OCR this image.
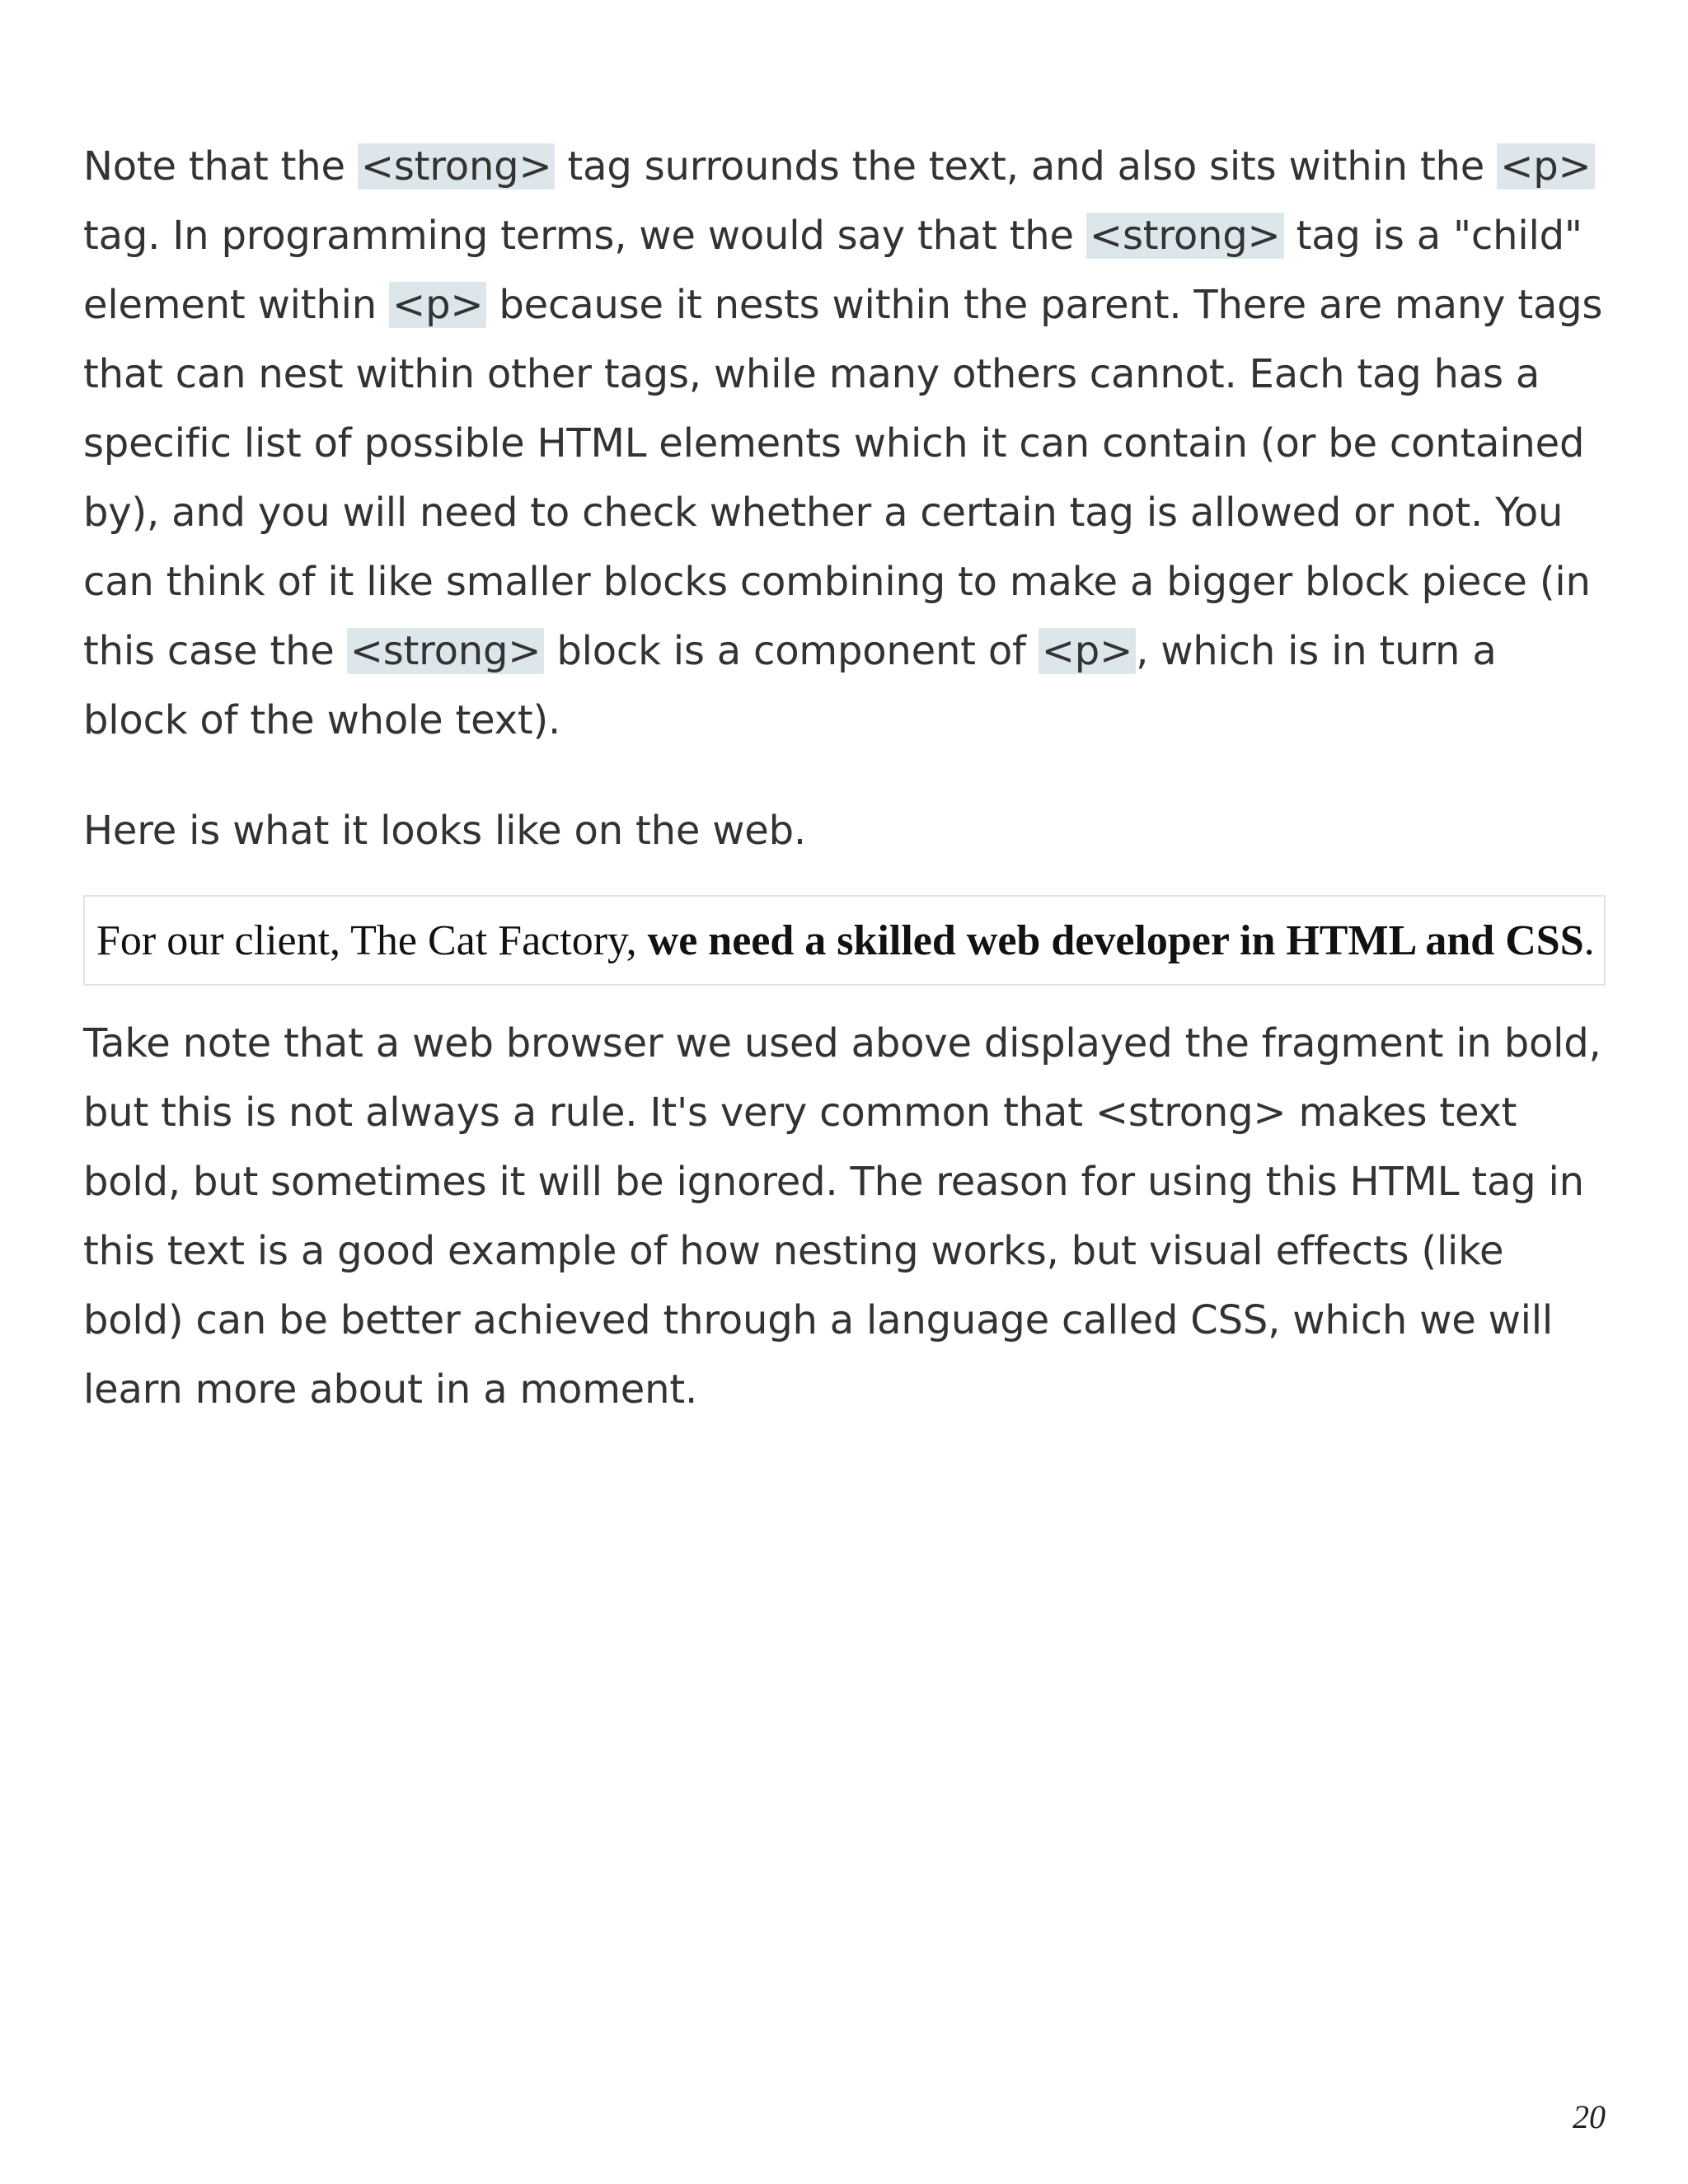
Note that the <strong> tag surrounds the text, and also sits within the <p> tag. In programming terms, we would say that the <strong> tag is a "child" element within <p> because it nests within the parent. There are many tags that can nest within other tags, while many others cannot. Each tag has a specific list of possible HTML elements which it can contain (or be contained by), and you will need to check whether a certain tag is allowed or not. You can think of it like smaller blocks combining to make a bigger block piece (in this case the <strong> block is a component of <p>, which is in turn a block of the whole text).

Here is what it looks like on the web.

For our client, The Cat Factory, we need a skilled web developer in HTML and CSS .

Take note that a web browser we used above displayed the fragment in bold, but this is not always a rule. It's very common that <strong> makes text bold, but sometimes it will be ignored. The reason for using this HTML tag in this text is a good example of how nesting works, but visual effects (like bold) can be better achieved through a language called CSS, which we will learn more about in a moment.

20
